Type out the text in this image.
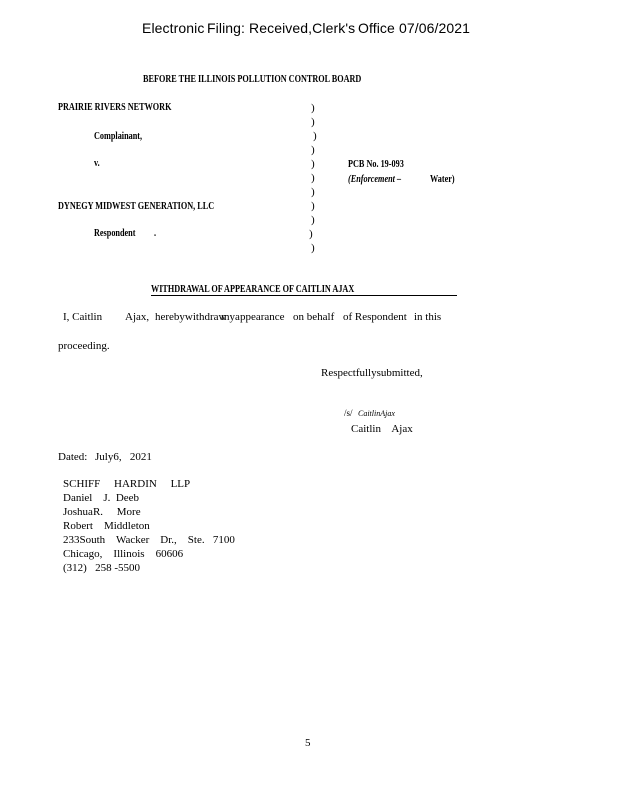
Electronic Filing: Received,Clerk's Office 07/06/2021
BEFORE THE ILLINOIS POLLUTION CONTROL BOARD
PRAIRIE RIVERS NETWORK
Complainant,
v.
DYNEGY MIDWEST GENERATION, LLC
Respondent .
)
)
)
)
)
)
)
)
)
)
)
PCB No. 19-093
(Enforcement –	Water)
WITHDRAWAL OF APPEARANCE OF CAITLIN AJAX
I, Caitlin Ajax, herebywithdraw
myappearance on behalf of Respondent in this
proceeding.
Respectfullysubmitted,
/s/ CaitlinAjax
Caitlin    Ajax
Dated: July6,   2021
SCHIFF     HARDIN     LLP
Daniel    J.  Deeb
JoshuaR.     More
Robert    Middleton
233South    Wacker    Dr.,    Ste.   7100
Chicago,    Illinois    60606
(312)   258 -5500
5
